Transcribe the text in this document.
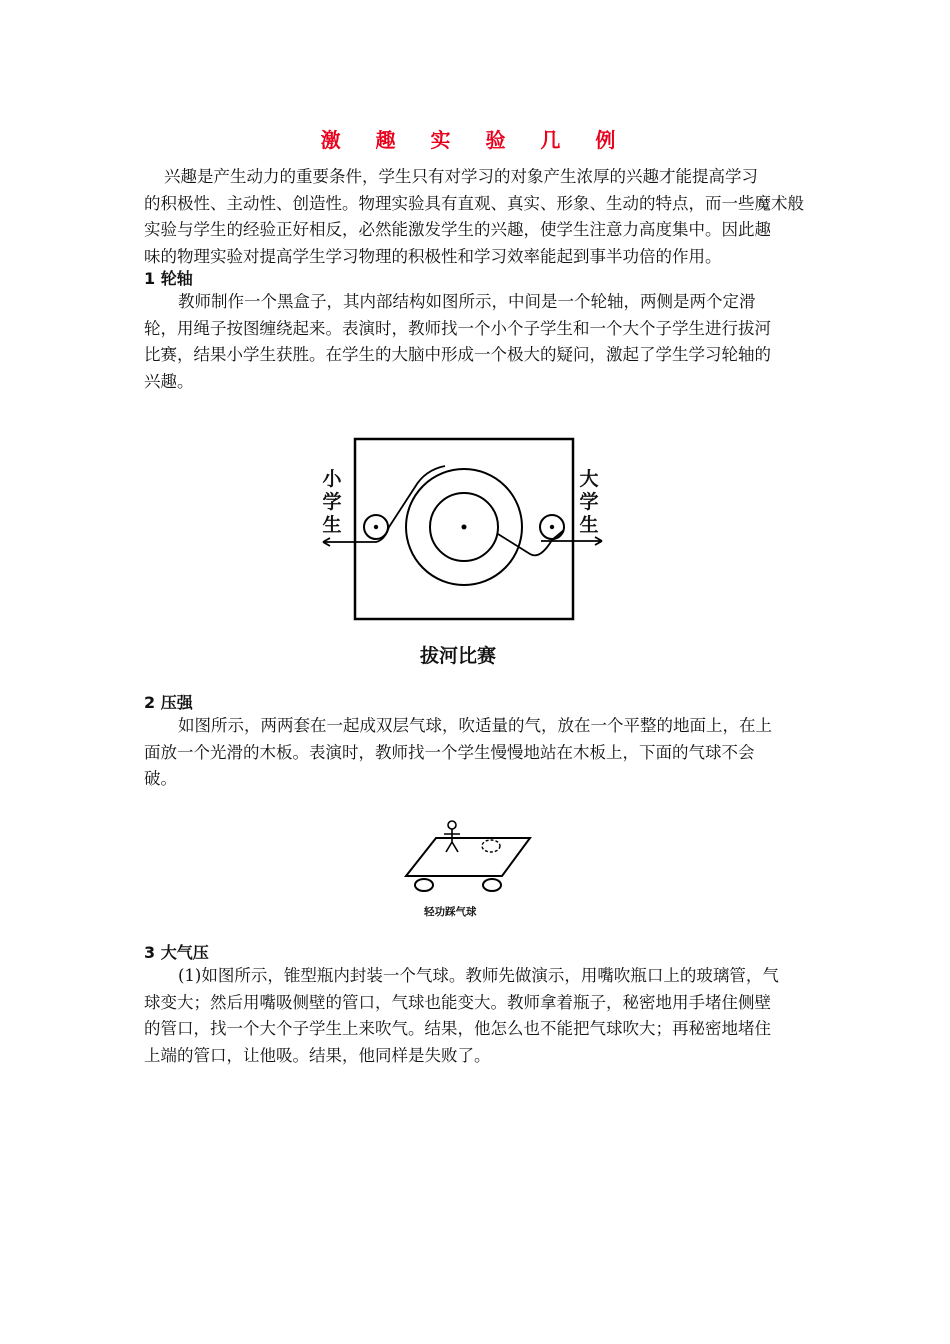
激 趣 实 验 几 例
兴趣是产生动力的重要条件，学生只有对学习的对象产生浓厚的兴趣才能提高学习
的积极性、主动性、创造性。物理实验具有直观、真实、形象、生动的特点，而一些魔术般
实验与学生的经验正好相反，必然能激发学生的兴趣，使学生注意力高度集中。因此趣
味的物理实验对提高学生学习物理的积极性和学习效率能起到事半功倍的作用。
1 轮轴
教师制作一个黑盒子，其内部结构如图所示，中间是一个轮轴，两侧是两个定滑
轮，用绳子按图缠绕起来。表演时，教师找一个小个子学生和一个大个子学生进行拔河
比赛，结果小学生获胜。在学生的大脑中形成一个极大的疑问，激起了学生学习轮轴的
兴趣。
小
学
生
大
学
生
拔河比赛
2 压强
如图所示，两两套在一起成双层气球，吹适量的气，放在一个平整的地面上，在上
面放一个光滑的木板。表演时，教师找一个学生慢慢地站在木板上，下面的气球不会
破。
轻功踩气球
3 大气压
(1)如图所示，锥型瓶内封装一个气球。教师先做演示，用嘴吹瓶口上的玻璃管，气
球变大；然后用嘴吸侧壁的管口，气球也能变大。教师拿着瓶子，秘密地用手堵住侧壁
的管口，找一个大个子学生上来吹气。结果，他怎么也不能把气球吹大；再秘密地堵住
上端的管口，让他吸。结果，他同样是失败了。
